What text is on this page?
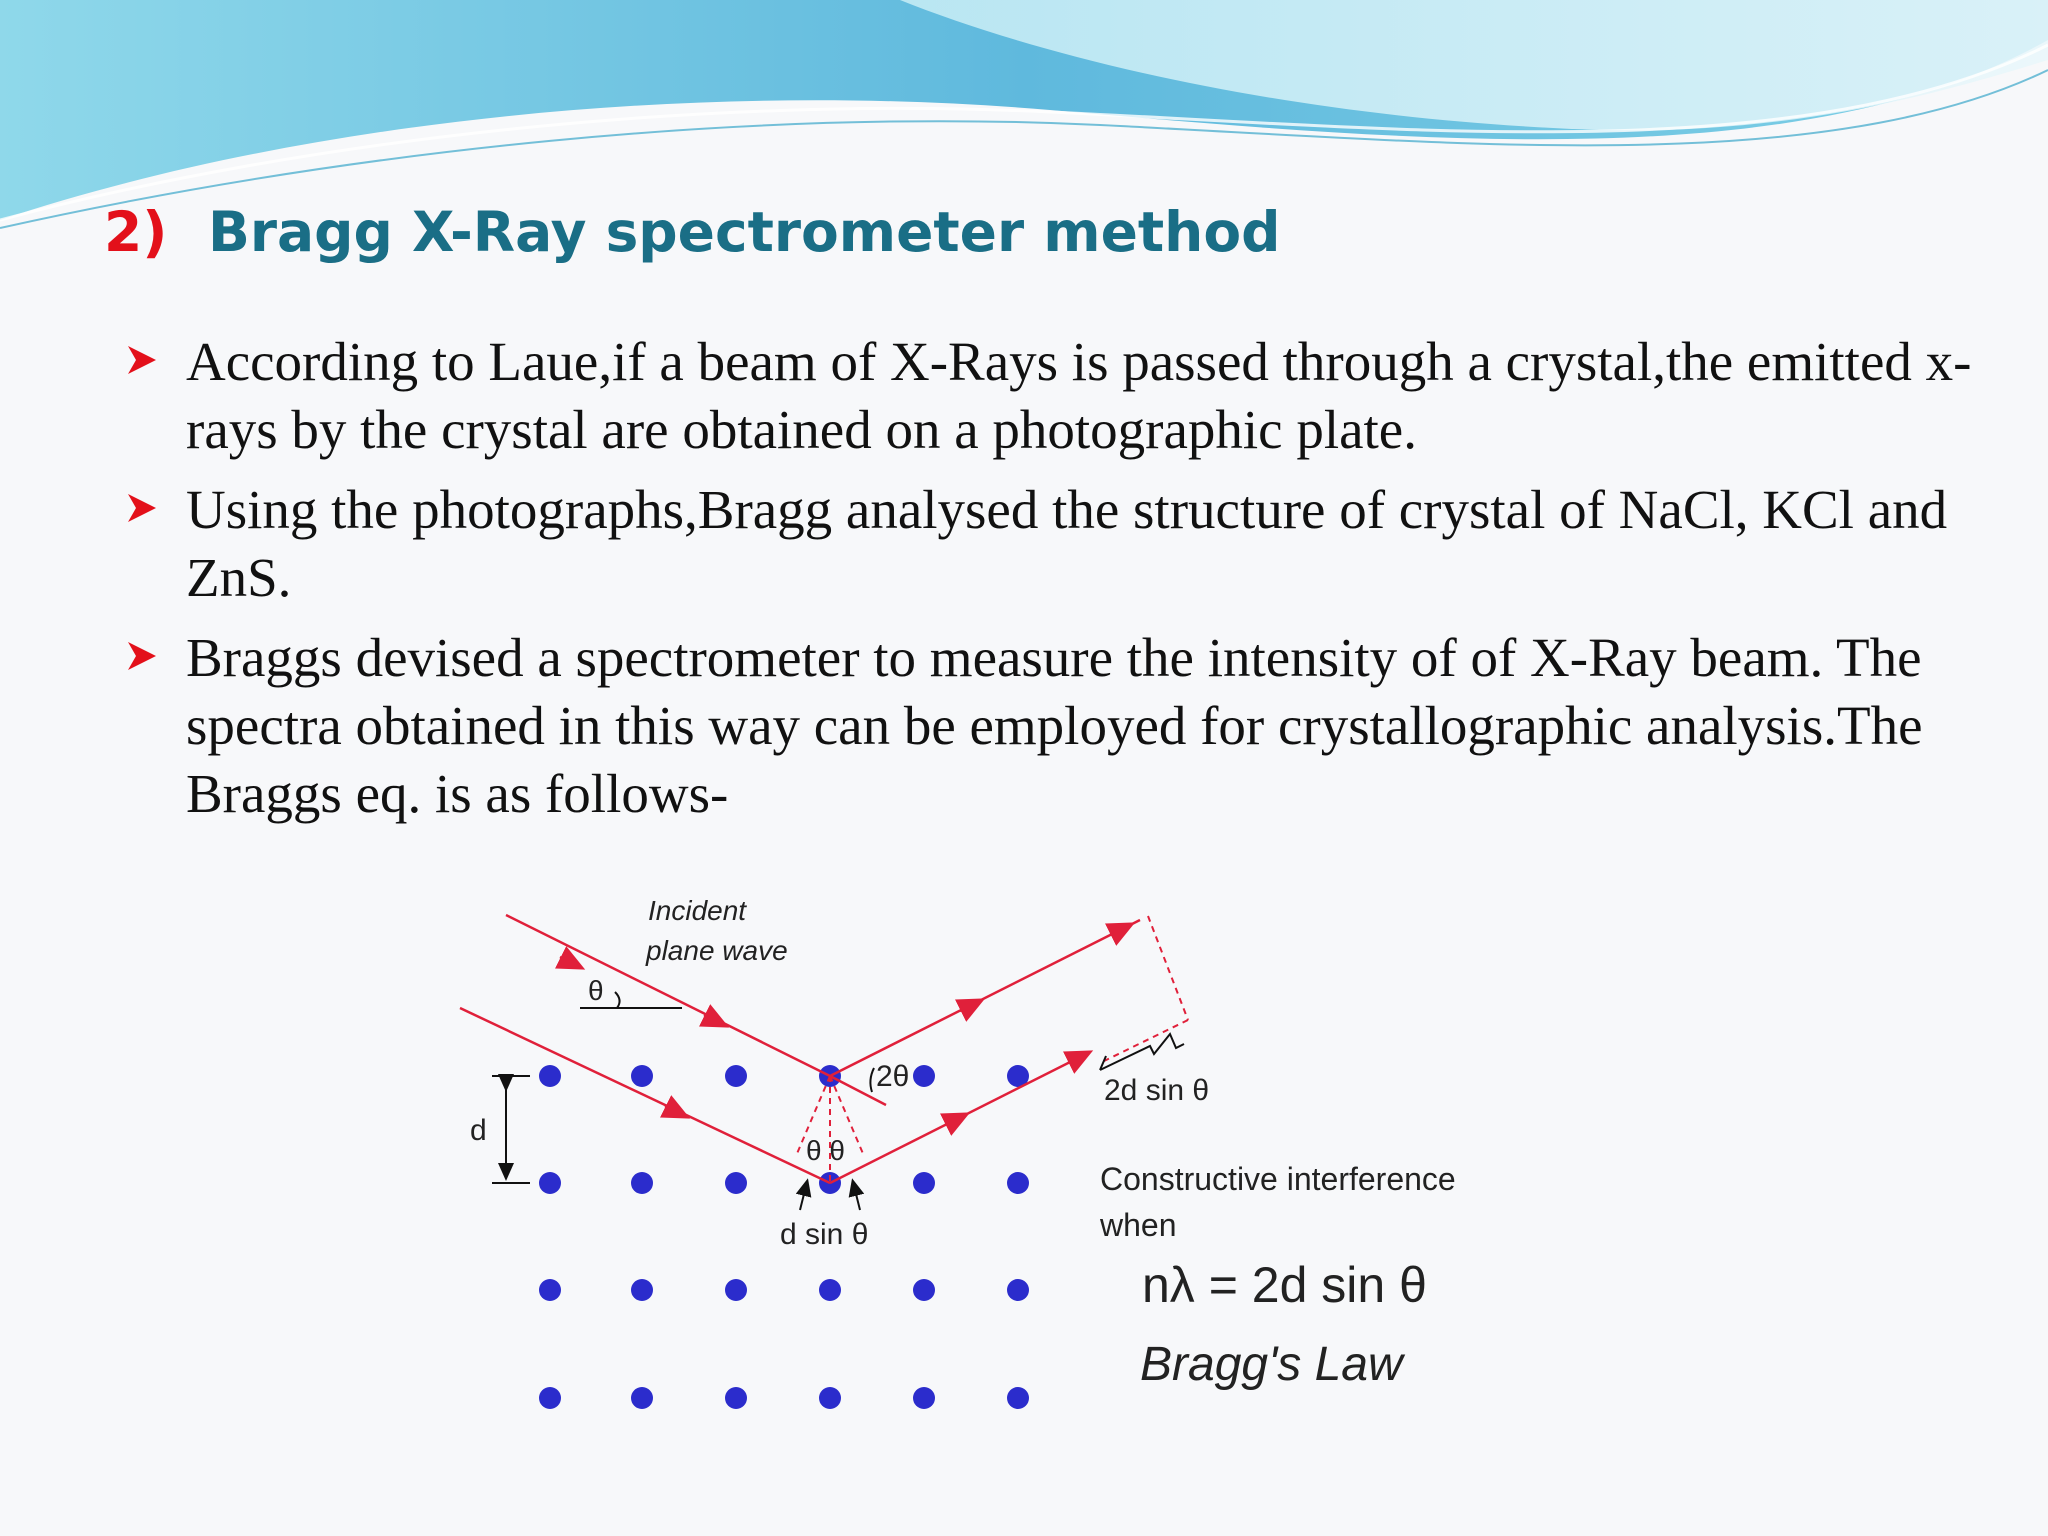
2) Bragg X-Ray spectrometer method
According to Laue,if a beam of X-Rays is passed through a crystal,the emitted x-rays by the crystal are obtained on a photographic plate.
Using the photographs,Bragg analysed the structure of crystal of NaCl, KCl and ZnS.
Braggs devised a spectrometer to measure the intensity of of X-Ray beam. The spectra obtained in this way can be employed for crystallographic analysis.The Braggs eq. is as follows-
Incident
plane wave
θ
2θ
d
θ θ
d sin θ
2d sin θ
Constructive interference
when
nλ = 2d sin θ
Bragg's Law
